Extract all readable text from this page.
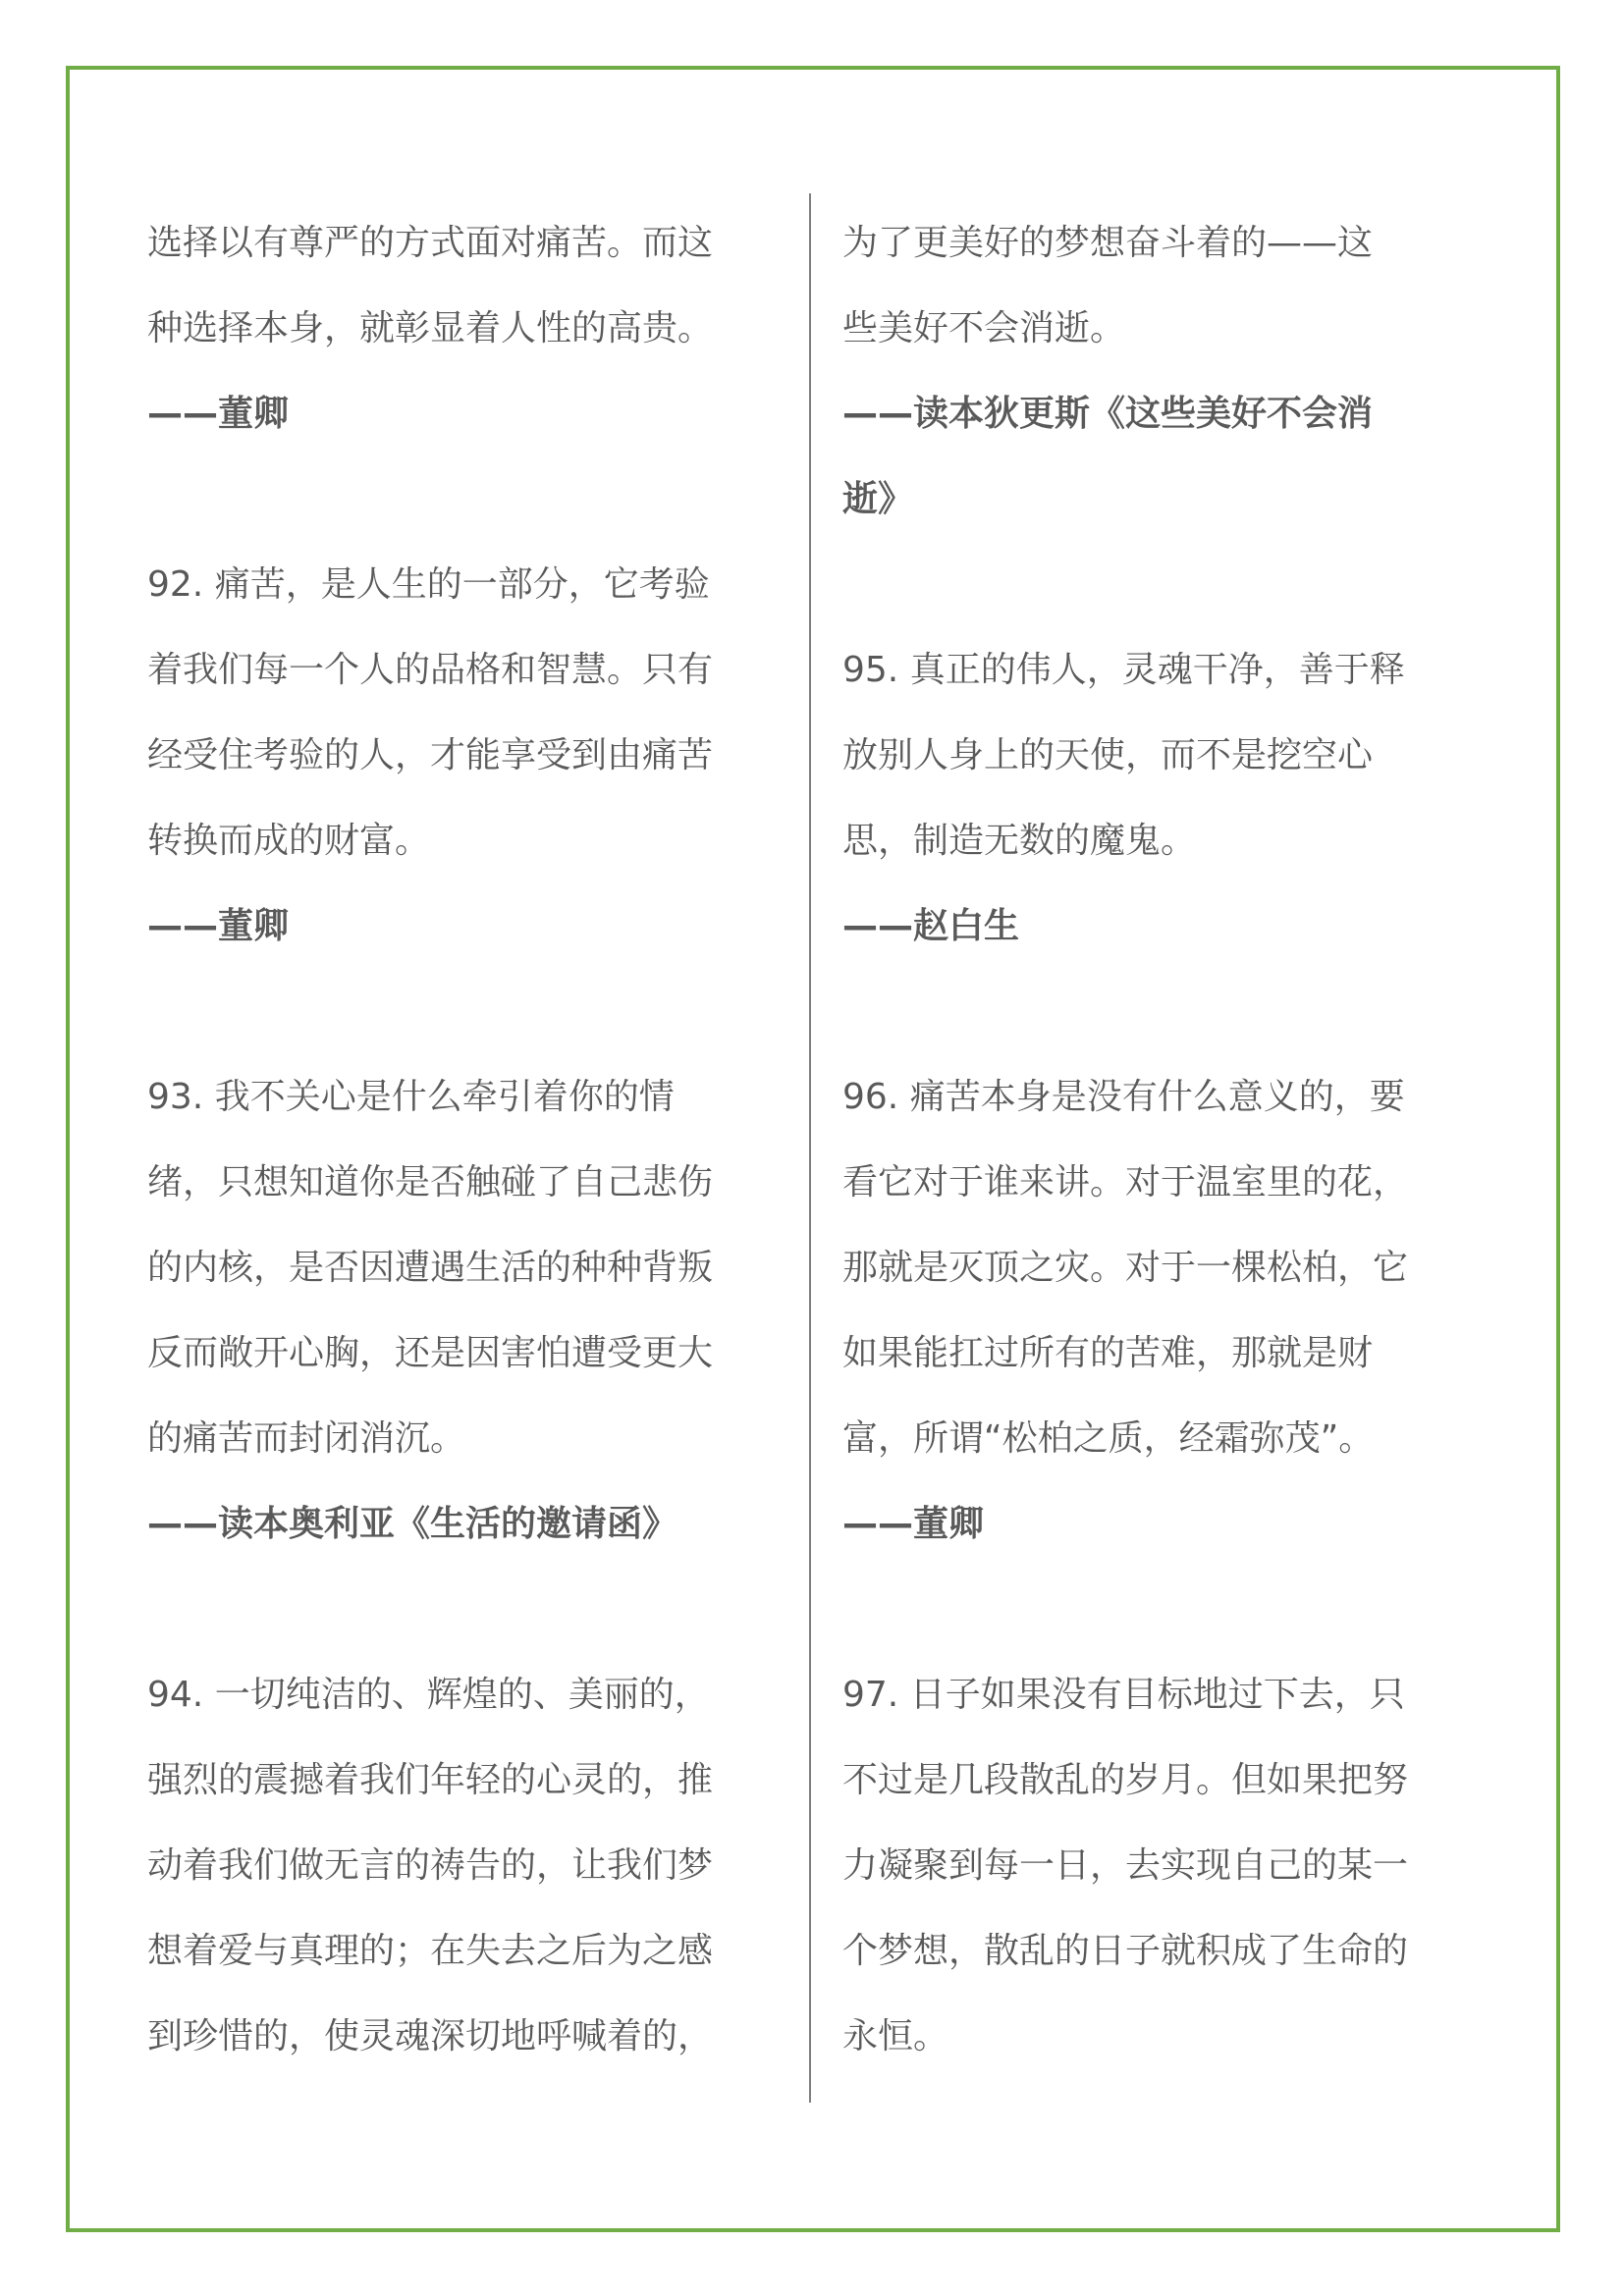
选择以有尊严的方式面对痛苦。而这
种选择本身，就彰显着人性的高贵。
——董卿
92. 痛苦，是人生的一部分，它考验
着我们每一个人的品格和智慧。只有
经受住考验的人，才能享受到由痛苦
转换而成的财富。
——董卿
93. 我不关心是什么牵引着你的情
绪，只想知道你是否触碰了自己悲伤
的内核，是否因遭遇生活的种种背叛
反而敞开心胸，还是因害怕遭受更大
的痛苦而封闭消沉。
——读本奥利亚《生活的邀请函》
94. 一切纯洁的、辉煌的、美丽的，
强烈的震撼着我们年轻的心灵的，推
动着我们做无言的祷告的，让我们梦
想着爱与真理的；在失去之后为之感
到珍惜的，使灵魂深切地呼喊着的，
为了更美好的梦想奋斗着的——这
些美好不会消逝。
——读本狄更斯《这些美好不会消
逝》
95. 真正的伟人，灵魂干净，善于释
放别人身上的天使，而不是挖空心
思，制造无数的魔鬼。
——赵白生
96. 痛苦本身是没有什么意义的，要
看它对于谁来讲。对于温室里的花，
那就是灭顶之灾。对于一棵松柏，它
如果能扛过所有的苦难，那就是财
富，所谓“松柏之质，经霜弥茂”。
——董卿
97. 日子如果没有目标地过下去，只
不过是几段散乱的岁月。但如果把努
力凝聚到每一日，去实现自己的某一
个梦想，散乱的日子就积成了生命的
永恒。
